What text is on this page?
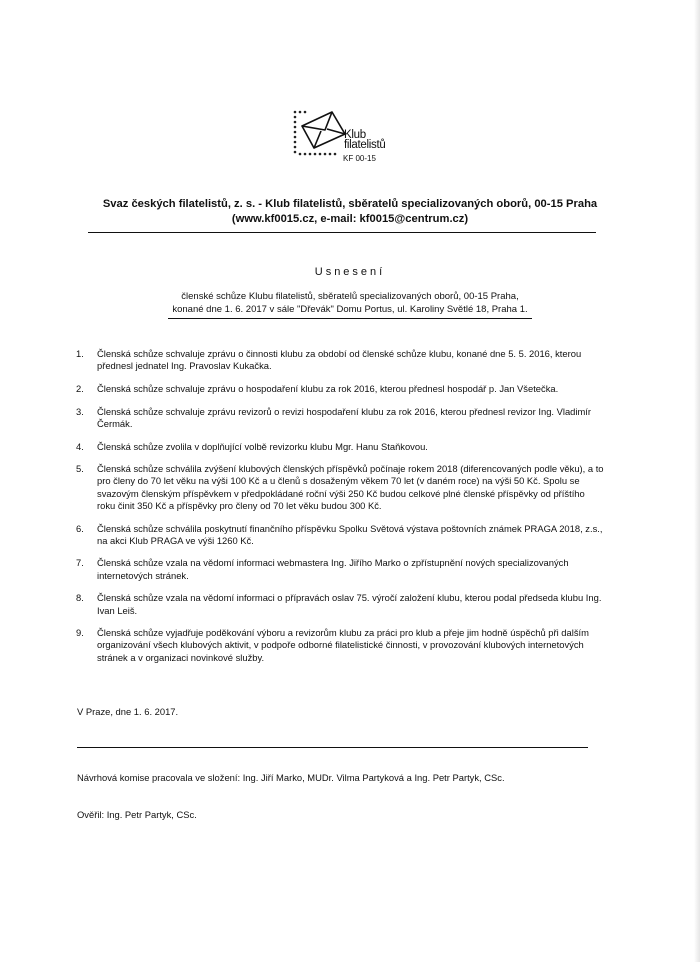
Klub
filatelistů
KF 00-15
Svaz českých filatelistů, z. s. - Klub filatelistů, sběratelů specializovaných oborů, 00-15 Praha
(www.kf0015.cz, e-mail: kf0015@centrum.cz)
Usnesení
členské schůze Klubu filatelistů, sběratelů specializovaných oborů, 00-15 Praha,
konané dne 1. 6. 2017 v sále "Dřevák" Domu Portus, ul. Karoliny Světlé 18, Praha 1.
1. Členská schůze schvaluje zprávu o činnosti klubu za období od členské schůze klubu, konané dne 5. 5. 2016, kterou přednesl jednatel Ing. Pravoslav Kukačka.
2. Členská schůze schvaluje zprávu o hospodaření klubu za rok 2016, kterou přednesl hospodář p. Jan Všetečka.
3. Členská schůze schvaluje zprávu revizorů o revizi hospodaření klubu za rok 2016, kterou přednesl revizor Ing. Vladimír Čermák.
4. Členská schůze zvolila v doplňující volbě revizorku klubu Mgr. Hanu Staňkovou.
5. Členská schůze schválila zvýšení klubových členských příspěvků počínaje rokem 2018 (diferencovaných podle věku), a to pro členy do 70 let věku na výši 100 Kč a u členů s dosaženým věkem 70 let (v daném roce) na výši 50 Kč. Spolu se svazovým členským příspěvkem v předpokládané roční výši 250 Kč budou celkové plné členské příspěvky od příštího roku činit 350 Kč a příspěvky pro členy od 70 let věku budou 300 Kč.
6. Členská schůze schválila poskytnutí finančního příspěvku Spolku Světová výstava poštovních známek PRAGA 2018, z.s., na akci Klub PRAGA ve výši 1260 Kč.
7. Členská schůze vzala na vědomí informaci webmastera Ing. Jiřího Marko o zpřístupnění nových specializovaných internetových stránek.
8. Členská schůze vzala na vědomí informaci o přípravách oslav 75. výročí založení klubu, kterou podal předseda klubu Ing. Ivan Leiš.
9. Členská schůze vyjadřuje poděkování výboru a revizorům klubu za práci pro klub a přeje jim hodně úspěchů při dalším organizování všech klubových aktivit, v podpoře odborné filatelistické činnosti, v provozování klubových internetových stránek a v organizaci novinkové služby.
V Praze, dne 1. 6. 2017.
Návrhová komise pracovala ve složení: Ing. Jiří Marko, MUDr. Vilma Partyková a Ing. Petr Partyk, CSc.
Ověřil: Ing. Petr Partyk, CSc.
